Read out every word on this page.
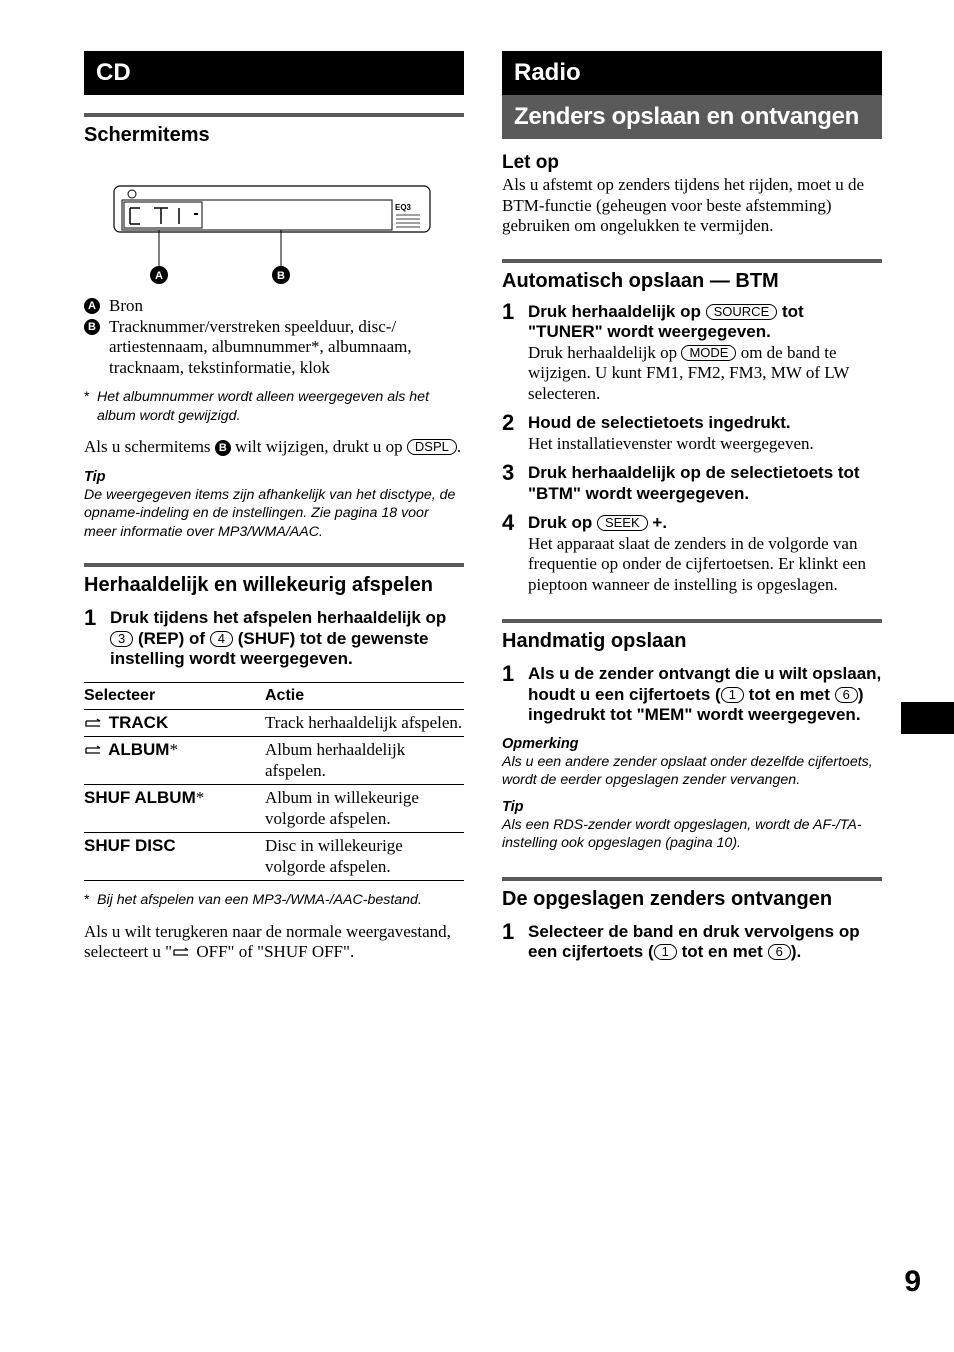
CD
Schermitems
EQ3
A	B
A Bron
B Tracknummer/verstreken speelduur, disc-/ artiestennaam, albumnummer*, albumnaam, tracknaam, tekstinformatie, klok
* Het albumnummer wordt alleen weergegeven als het album wordt gewijzigd.
Als u schermitems B wilt wijzigen, drukt u op DSPL .
Tip
De weergegeven items zijn afhankelijk van het disctype, de opname-indeling en de instellingen. Zie pagina 18 voor meer informatie over MP3/WMA/AAC.
Herhaaldelijk en willekeurig afspelen
1 Druk tijdens het afspelen herhaaldelijk op 3 (REP) of 4 (SHUF) tot de gewenste instelling wordt weergegeven.
Selecteer	Actie
TRACK	Track herhaaldelijk afspelen.
ALBUM*	Album herhaaldelijk afspelen.
SHUF ALBUM*	Album in willekeurige volgorde afspelen.
SHUF DISC	Disc in willekeurige volgorde afspelen.
* Bij het afspelen van een MP3-/WMA-/AAC-bestand.
Als u wilt terugkeren naar de normale weergavestand, selecteert u " OFF" of "SHUF OFF".
Radio
Zenders opslaan en ontvangen
Let op
Als u afstemt op zenders tijdens het rijden, moet u de BTM-functie (geheugen voor beste afstemming) gebruiken om ongelukken te vermijden.
Automatisch opslaan — BTM
1 Druk herhaaldelijk op SOURCE tot "TUNER" wordt weergegeven.
Druk herhaaldelijk op MODE om de band te wijzigen. U kunt FM1, FM2, FM3, MW of LW selecteren.
2 Houd de selectietoets ingedrukt.
Het installatievenster wordt weergegeven.
3 Druk herhaaldelijk op de selectietoets tot "BTM" wordt weergegeven.
4 Druk op SEEK +.
Het apparaat slaat de zenders in de volgorde van frequentie op onder de cijfertoetsen. Er klinkt een pieptoon wanneer de instelling is opgeslagen.
Handmatig opslaan
1 Als u de zender ontvangt die u wilt opslaan, houdt u een cijfertoets ( 1 tot en met 6 ) ingedrukt tot "MEM" wordt weergegeven.
Opmerking
Als u een andere zender opslaat onder dezelfde cijfertoets, wordt de eerder opgeslagen zender vervangen.
Tip
Als een RDS-zender wordt opgeslagen, wordt de AF-/TA-instelling ook opgeslagen (pagina 10).
De opgeslagen zenders ontvangen
1 Selecteer de band en druk vervolgens op een cijfertoets ( 1 tot en met 6 ).
9
